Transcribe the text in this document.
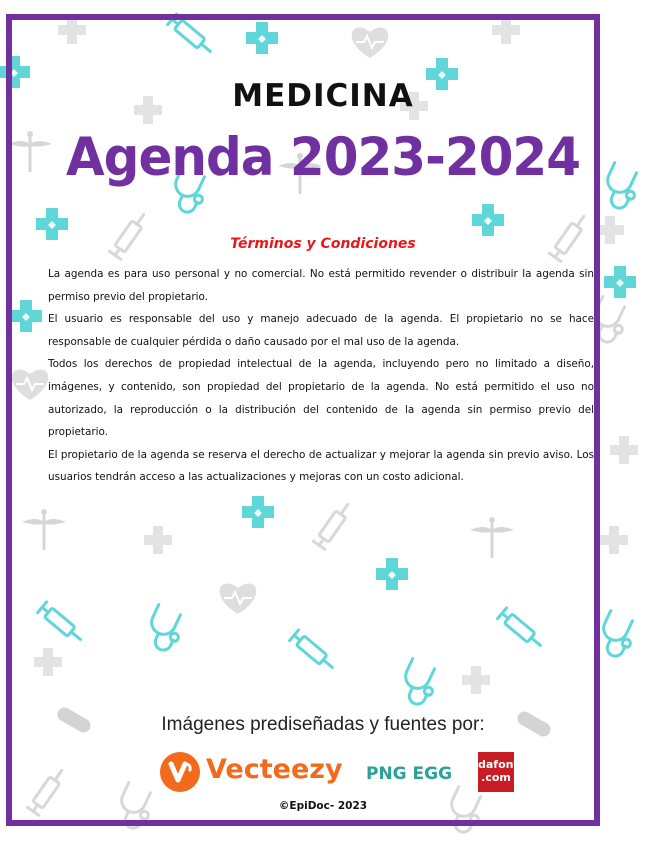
MEDICINA
Agenda 2023-2024
Términos y Condiciones

La agenda es para uso personal y no comercial. No está permitido revender o distribuir la agenda sin permiso previo del propietario.

El usuario es responsable del uso y manejo adecuado de la agenda. El propietario no se hace responsable de cualquier pérdida o daño causado por el mal uso de la agenda.

Todos los derechos de propiedad intelectual de la agenda, incluyendo pero no limitado a diseño, imágenes, y contenido, son propiedad del propietario de la agenda. No está permitido el uso no autorizado, la reproducción o la distribución del contenido de la agenda sin permiso previo del propietario.

El propietario de la agenda se reserva el derecho de actualizar y mejorar la agenda sin previo aviso. Los usuarios tendrán acceso a las actualizaciones y mejoras con un costo adicional.

Imágenes prediseñadas y fuentes por:
Vecteezy PNG EGG dafont
.com
©EpiDoc- 2023
